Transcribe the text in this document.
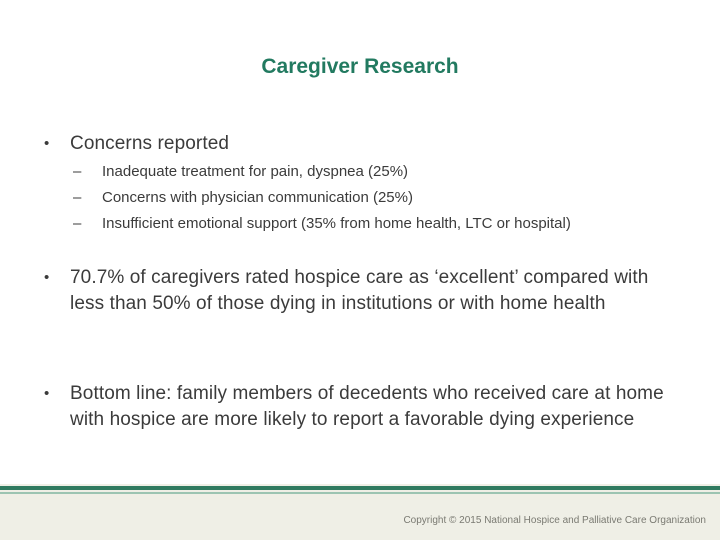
Caregiver Research
•	Concerns reported
–	Inadequate treatment for pain, dyspnea (25%)
–	Concerns with physician communication (25%)
–	Insufficient emotional support (35% from home health, LTC or hospital)
•	70.7% of caregivers rated hospice care as ‘excellent’ compared with less than 50% of those dying in institutions or with home health
•	Bottom line: family members of decedents who received care at home with hospice are more likely to report a favorable dying experience
Copyright © 2015 National Hospice and Palliative Care Organization
